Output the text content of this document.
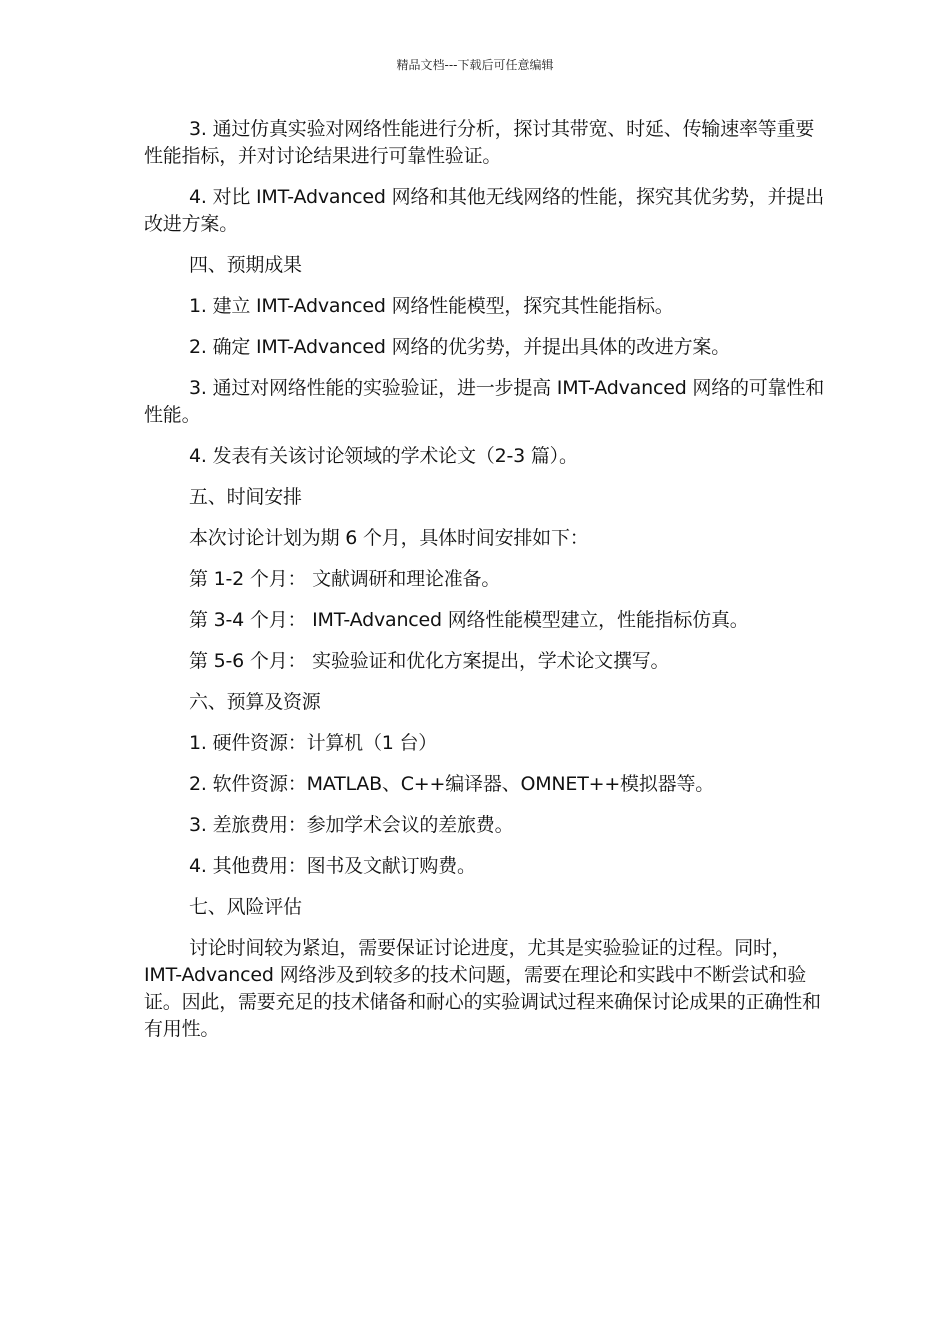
精品文档---下载后可任意编辑

3. 通过仿真实验对网络性能进行分析，探讨其带宽、时延、传输速率等重要性能指标，并对讨论结果进行可靠性验证。

4. 对比 IMT-Advanced 网络和其他无线网络的性能，探究其优劣势，并提出改进方案。

四、预期成果

1. 建立 IMT-Advanced 网络性能模型，探究其性能指标。

2. 确定 IMT-Advanced 网络的优劣势，并提出具体的改进方案。

3. 通过对网络性能的实验验证，进一步提高 IMT-Advanced 网络的可靠性和性能。

4. 发表有关该讨论领域的学术论文（2-3 篇）。

五、时间安排

本次讨论计划为期 6 个月，具体时间安排如下：

第 1-2 个月： 文献调研和理论准备。

第 3-4 个月： IMT-Advanced 网络性能模型建立，性能指标仿真。

第 5-6 个月： 实验验证和优化方案提出，学术论文撰写。

六、预算及资源

1. 硬件资源：计算机（1 台）

2. 软件资源：MATLAB、C++编译器、OMNET++模拟器等。

3. 差旅费用：参加学术会议的差旅费。

4. 其他费用：图书及文献订购费。

七、风险评估

讨论时间较为紧迫，需要保证讨论进度，尤其是实验验证的过程。同时，IMT-Advanced 网络涉及到较多的技术问题，需要在理论和实践中不断尝试和验证。因此，需要充足的技术储备和耐心的实验调试过程来确保讨论成果的正确性和有用性。
